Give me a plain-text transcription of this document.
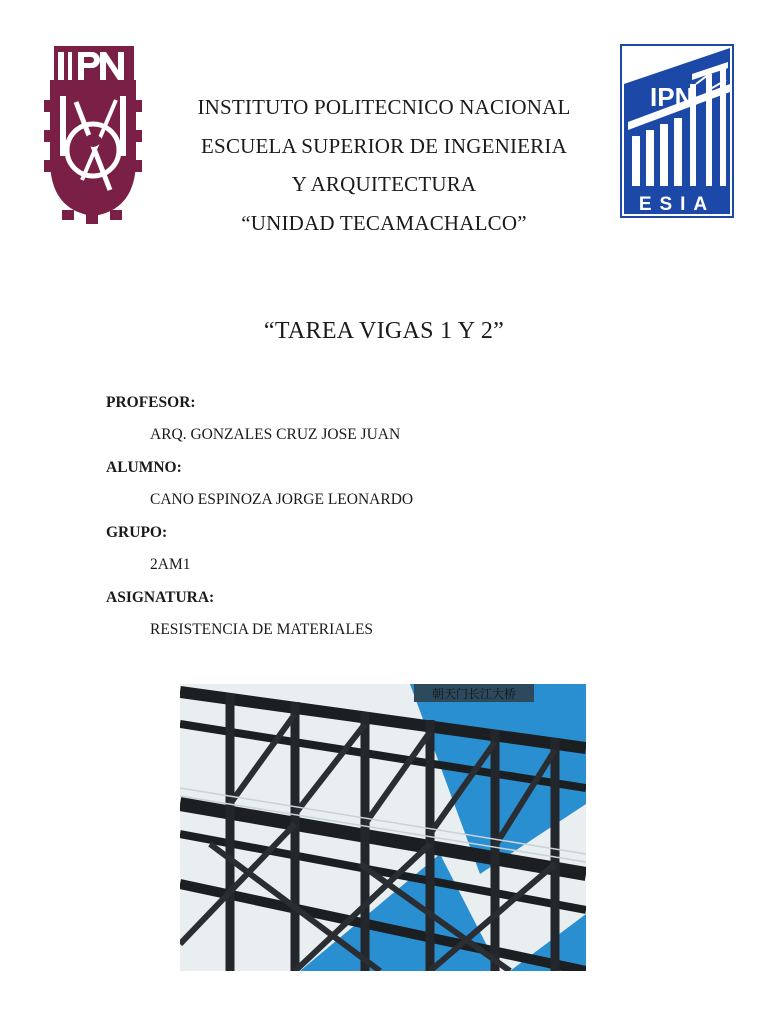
IPN
ESIA
INSTITUTO POLITECNICO NACIONAL
ESCUELA SUPERIOR DE INGENIERIA
Y ARQUITECTURA
“UNIDAD TECAMACHALCO”
“TAREA VIGAS 1 Y 2”
PROFESOR:
ARQ. GONZALES CRUZ JOSE JUAN
ALUMNO:
CANO ESPINOZA JORGE LEONARDO
GRUPO:
2AM1
ASIGNATURA:
RESISTENCIA DE MATERIALES
朝天门长江大桥
